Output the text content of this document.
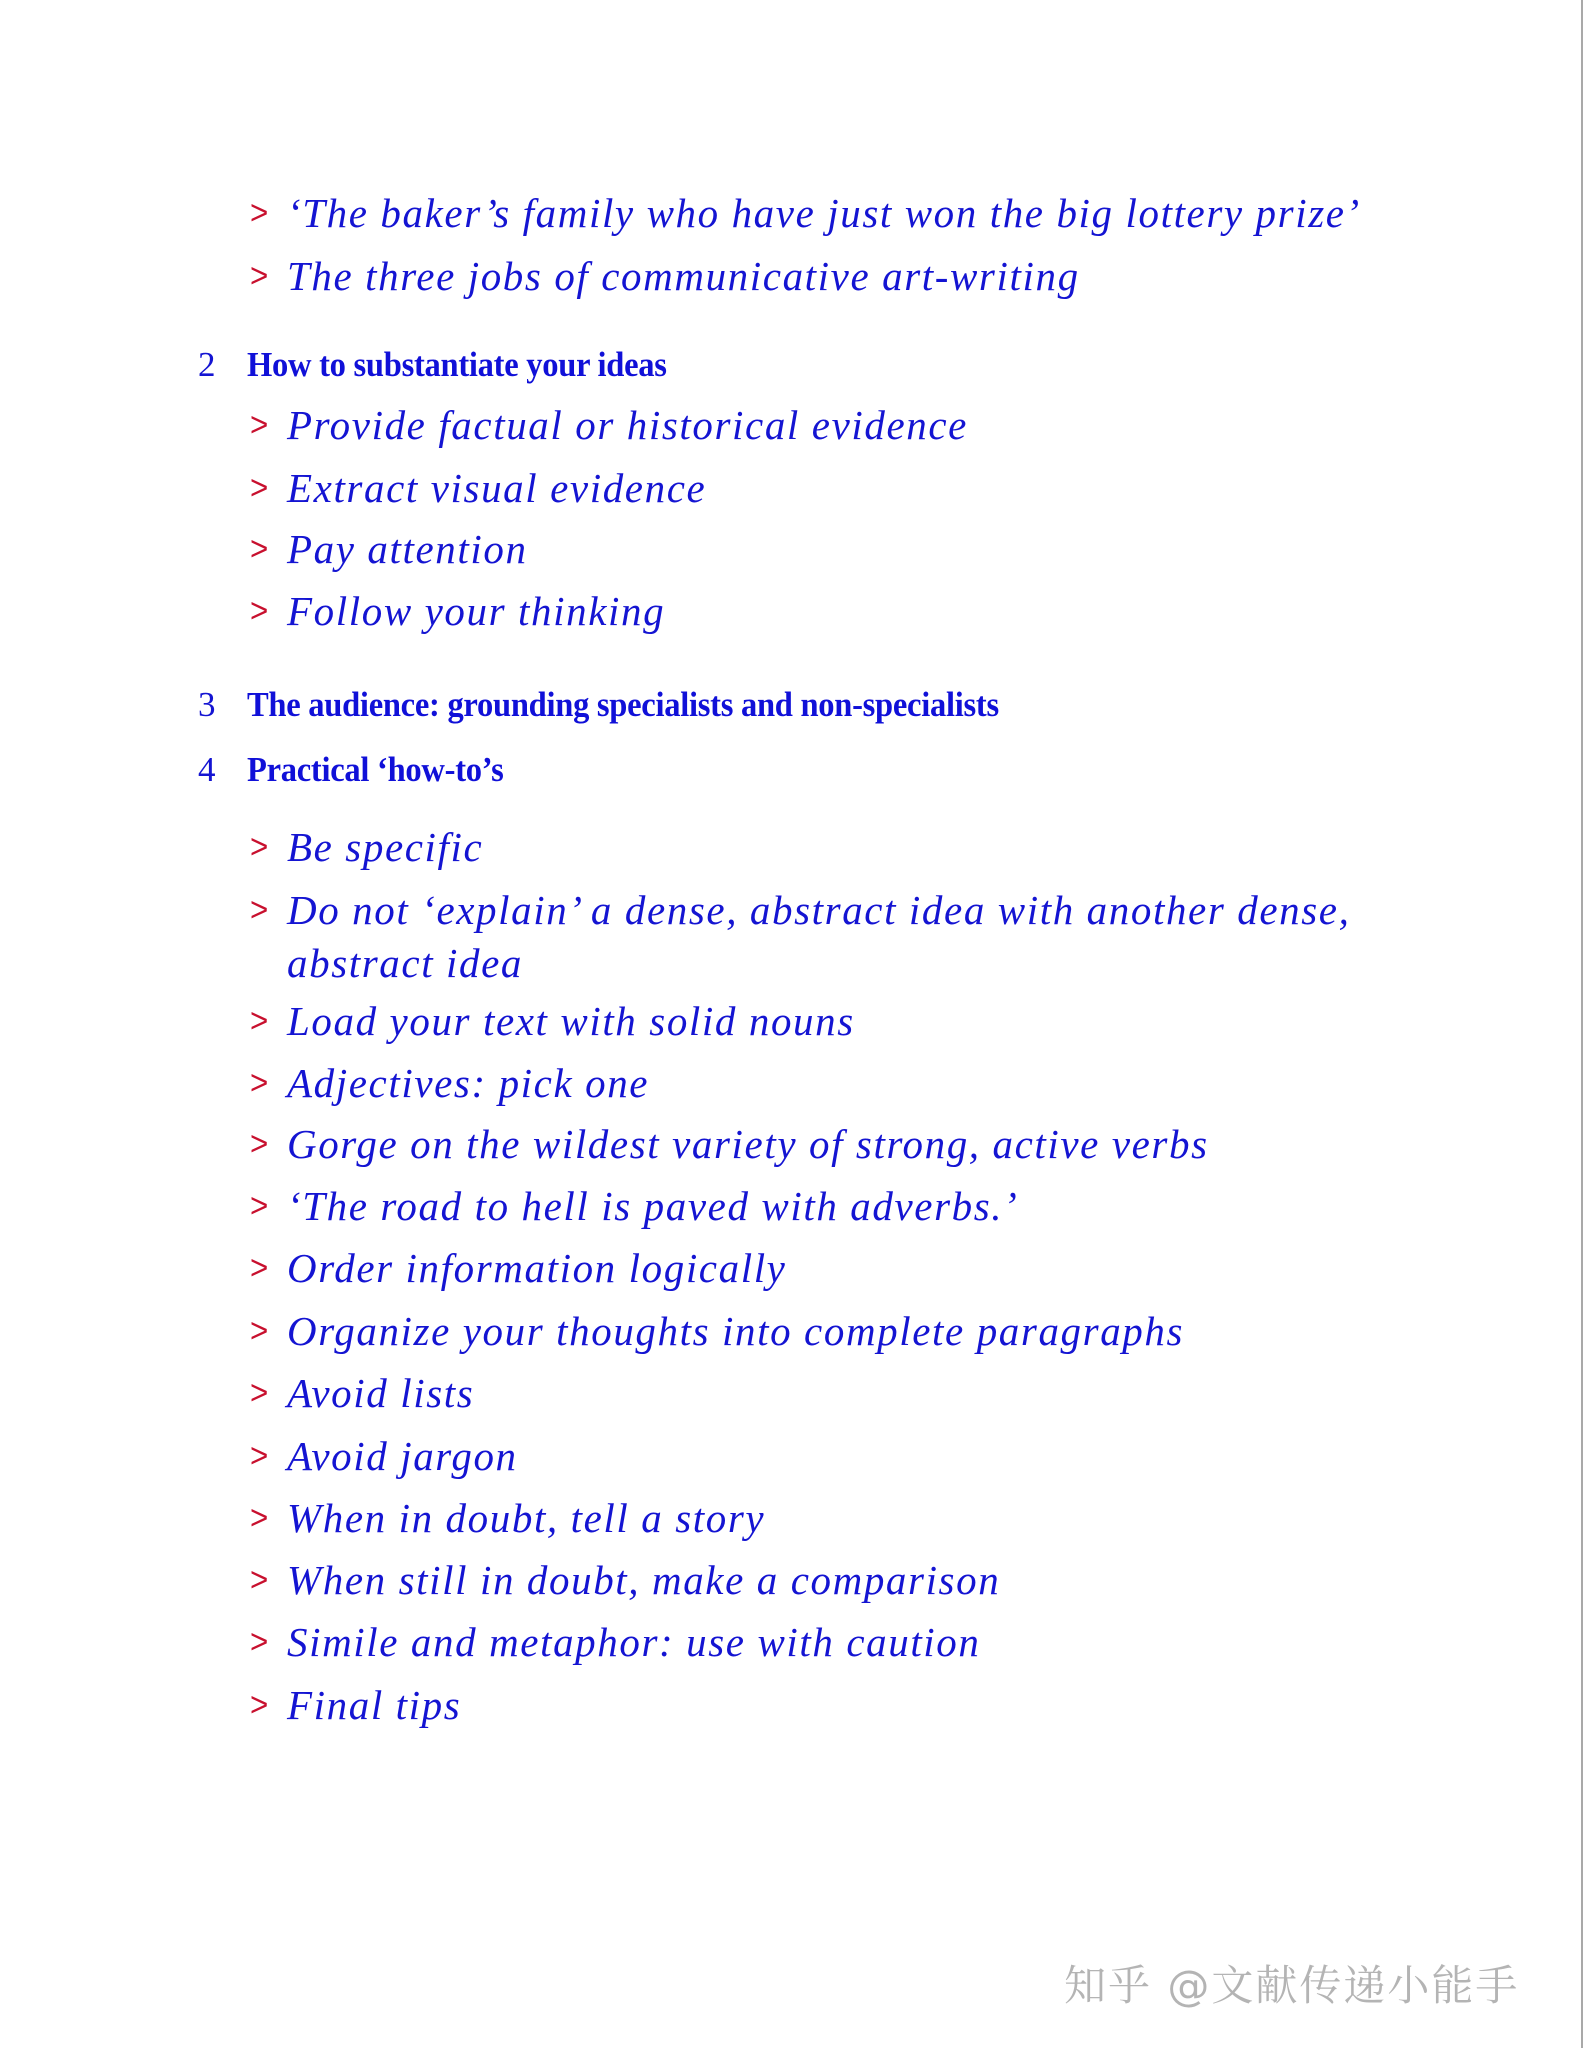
> ‘The baker’s family who have just won the big lottery prize’
> The three jobs of communicative art-writing
2 How to substantiate your ideas
> Provide factual or historical evidence
> Extract visual evidence
> Pay attention
> Follow your thinking
3 The audience: grounding specialists and non-specialists
4 Practical ‘how-to’s
> Be specific
> Do not ‘explain’ a dense, abstract idea with another dense,
abstract idea
> Load your text with solid nouns
> Adjectives: pick one
> Gorge on the wildest variety of strong, active verbs
> ‘The road to hell is paved with adverbs.’
> Order information logically
> Organize your thoughts into complete paragraphs
> Avoid lists
> Avoid jargon
> When in doubt, tell a story
> When still in doubt, make a comparison
> Simile and metaphor: use with caution
> Final tips
知乎 @文献传递小能手
